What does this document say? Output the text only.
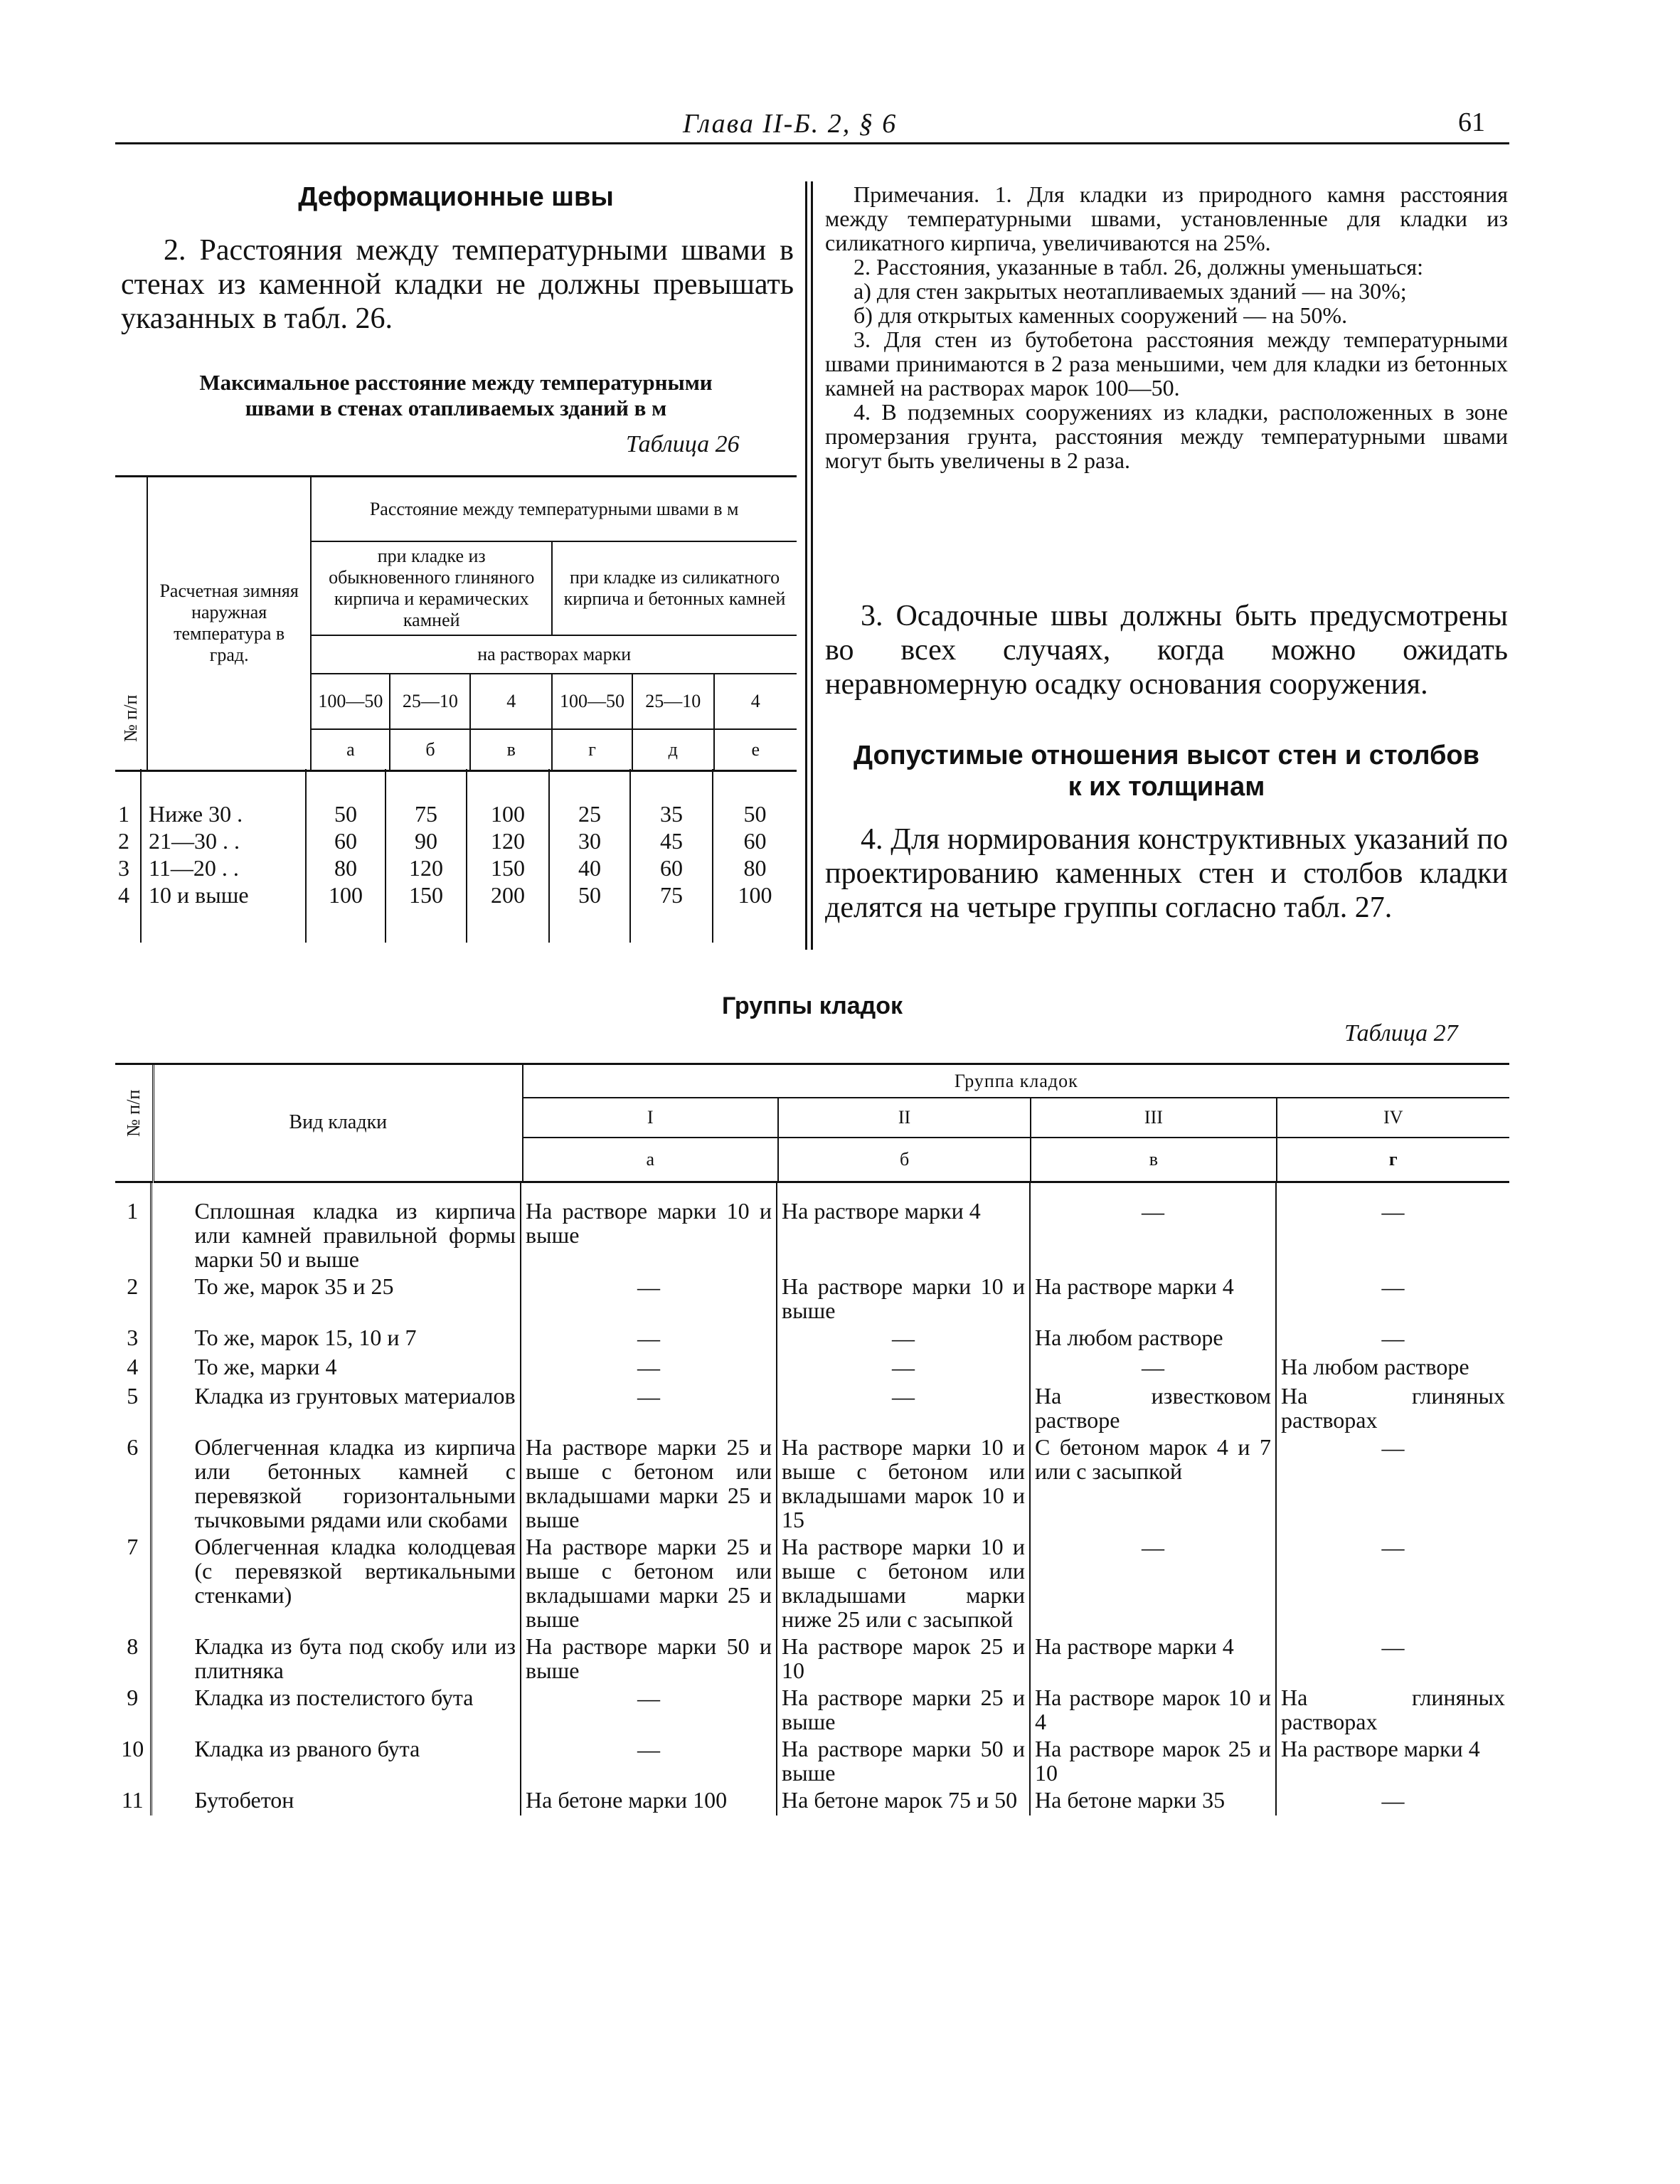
Глава II-Б. 2, § 6	61
Деформационные швы
2. Расстояния между температурными швами в стенах из каменной кладки не должны превышать указанных в табл. 26.
Максимальное расстояние между температурными
швами в стенах отапливаемых зданий в м
Таблица 26
№ п/п	Расчетная зимняя наружная температура в град.	Расстояние между температурными швами в м					
		при кладке из обыкновенного глиняного кирпича и керамических камней			при кладке из силикатного кирпича и бетонных камней		
		на растворах марки					
		100—50	25—10	4	100—50	25—10	4
		а	б	в	г	д	е

1	Ниже 30 .	50	75	100	25	35	50
2	21—30 . .	60	90	120	30	45	60
3	11—20 . .	80	120	150	40	60	80
4	10 и выше	100	150	200	50	75	100

Примечания. 1. Для кладки из природного камня расстояния между температурными швами, установленные для кладки из силикатного кирпича, увеличиваются на 25%.
2. Расстояния, указанные в табл. 26, должны уменьшаться:
а) для стен закрытых неотапливаемых зданий — на 30%;
б) для открытых каменных сооружений — на 50%.
3. Для стен из бутобетона расстояния между температурными швами принимаются в 2 раза меньшими, чем для кладки из бетонных камней на растворах марок 100—50.
4. В подземных сооружениях из кладки, расположенных в зоне промерзания грунта, расстояния между температурными швами могут быть увеличены в 2 раза.
3. Осадочные швы должны быть предусмотрены во всех случаях, когда можно ожидать неравномерную осадку основания сооружения.
Допустимые отношения высот стен и столбов
к их толщинам
4. Для нормирования конструктивных указаний по проектированию каменных стен и столбов кладки делятся на четыре группы согласно табл. 27.
Группы кладок
Таблица 27
№ п/п	Вид кладки	Группа кладок			
		I	II	III	IV
		а	б	в	г

1	Сплошная кладка из кирпича или камней правильной формы марки 50 и выше	На растворе марки 10 и выше	На растворе марки 4	—	—
2	То же, марок 35 и 25	—	На растворе марки 10 и выше	На растворе марки 4	—
3	То же, марок 15, 10 и 7	—	—	На любом растворе	—
4	То же, марки 4	—	—	—	На любом растворе
5	Кладка из грунтовых материалов	—	—	На известковом растворе	На глиняных растворах
6	Облегченная кладка из кирпича или бетонных камней с перевязкой горизонтальными тычковыми рядами или скобами	На растворе марки 25 и выше с бетоном или вкладышами марки 25 и выше	На растворе марки 10 и выше с бетоном или вкладышами марок 10 и 15	С бетоном марок 4 и 7 или с засыпкой	—
7	Облегченная кладка колодцевая (с перевязкой вертикальными стенками)	На растворе марки 25 и выше с бетоном или вкладышами марки 25 и выше	На растворе марки 10 и выше с бетоном или вкладышами марки ниже 25 или с засыпкой	—	—
8	Кладка из бута под скобу или из плитняка	На растворе марки 50 и выше	На растворе марок 25 и 10	На растворе марки 4	—
9	Кладка из постелистого бута	—	На растворе марки 25 и выше	На растворе марок 10 и 4	На глиняных растворах
10	Кладка из рваного бута	—	На растворе марки 50 и выше	На растворе марок 25 и 10	На растворе марки 4
11	Бутобетон	На бетоне марки 100	На бетоне марок 75 и 50	На бетоне марки 35	—
